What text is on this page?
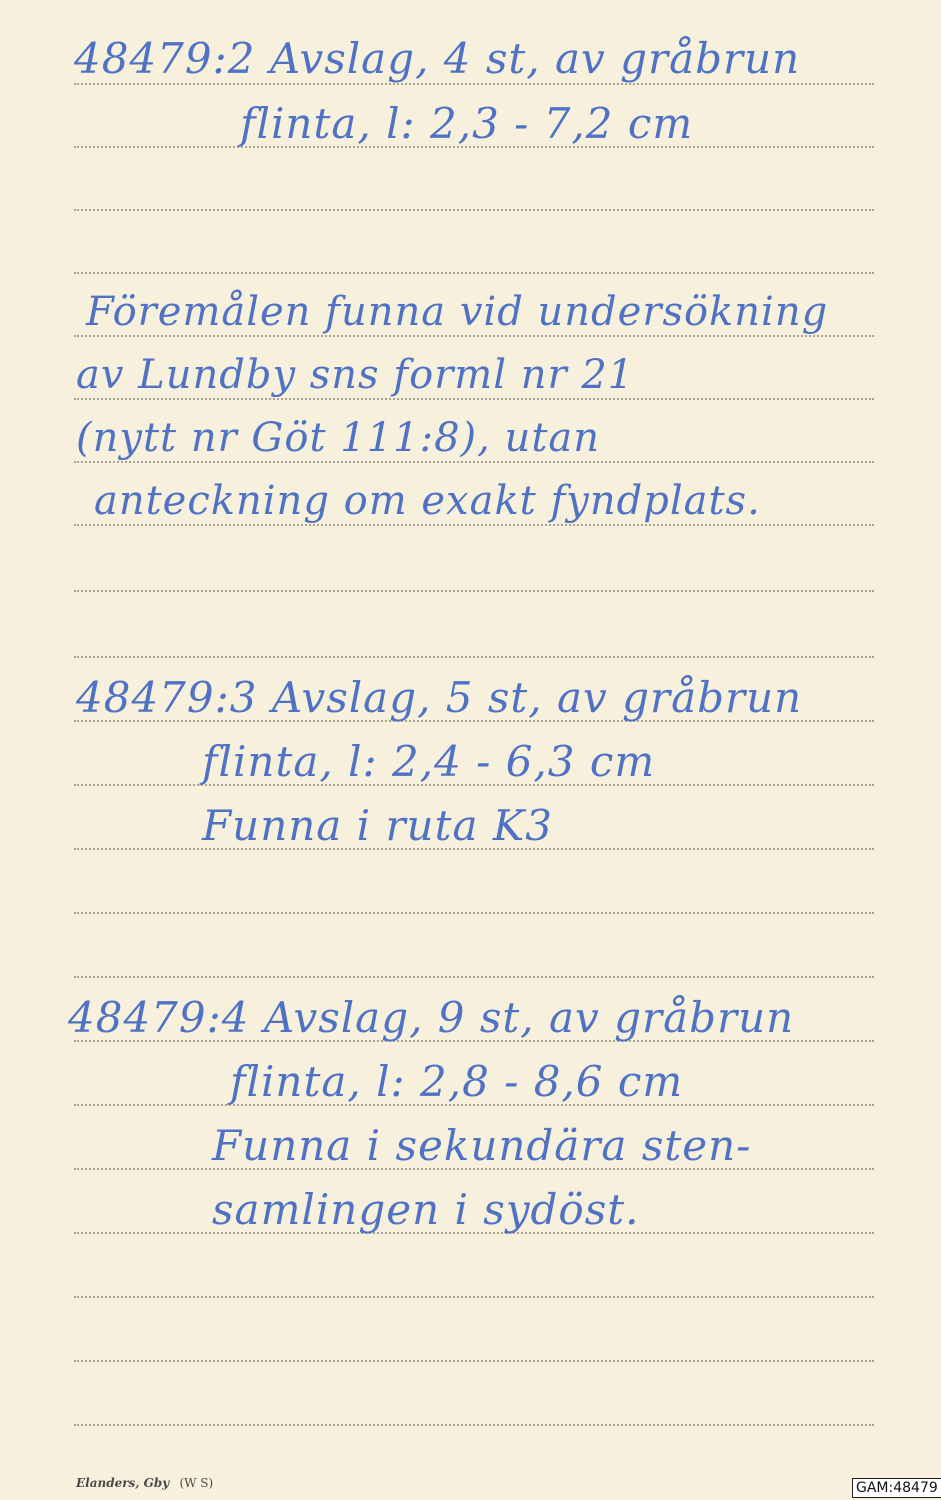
48479:2 Avslag, 4 st, av gråbrun
flinta, l: 2,3 - 7,2 cm
Föremålen funna vid undersökning
av Lundby sns forml nr 21
(nytt nr Göt 111:8), utan
anteckning om exakt fyndplats.
48479:3 Avslag, 5 st, av gråbrun
flinta, l: 2,4 - 6,3 cm
Funna i ruta K3
48479:4 Avslag, 9 st, av gråbrun
flinta, l: 2,8 - 8,6 cm
Funna i sekundära sten-
samlingen i sydöst.
Elanders, Gby (W S)	GAM:48479
